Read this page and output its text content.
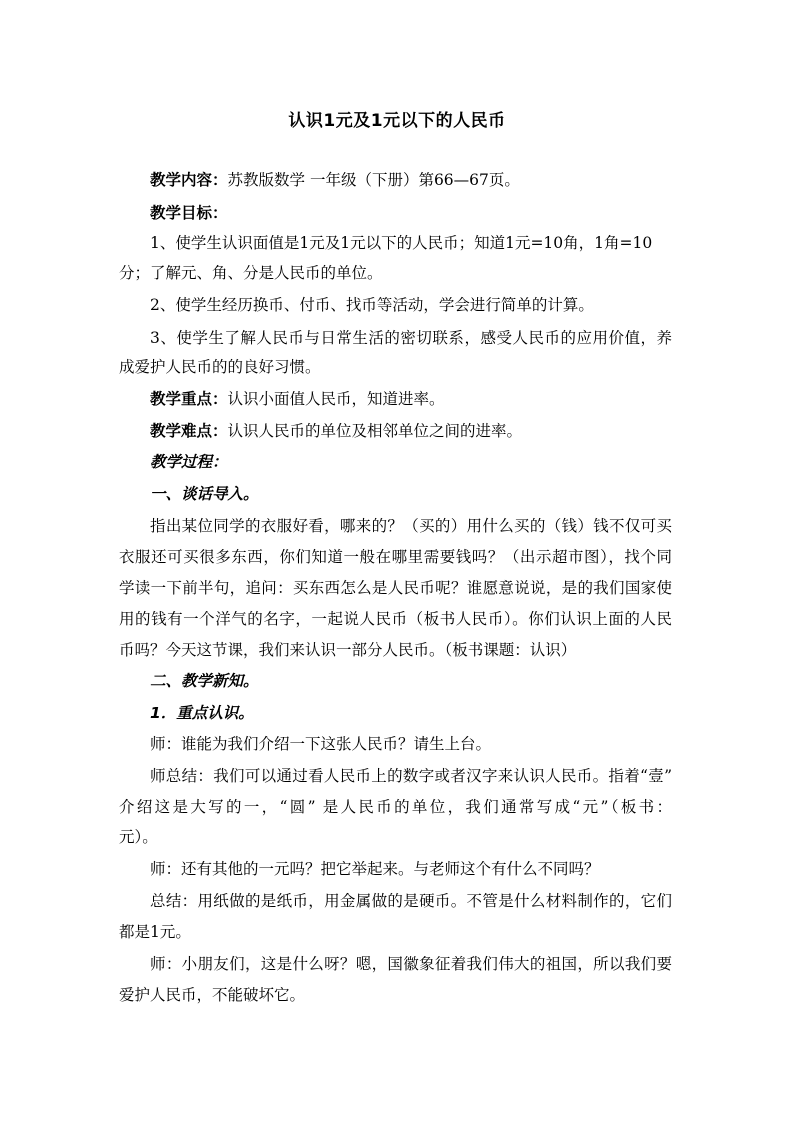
认识1元及1元以下的人民币
教学内容：苏教版数学 一年级（下册）第66—67页。
教学目标：
1、使学生认识面值是1元及1元以下的人民币；知道1元=10角，1角=10
分；了解元、角、分是人民币的单位。
2、使学生经历换币、付币、找币等活动，学会进行简单的计算。
3、使学生了解人民币与日常生活的密切联系，感受人民币的应用价值，养
成爱护人民币的的良好习惯。
教学重点：认识小面值人民币，知道进率。
教学难点：认识人民币的单位及相邻单位之间的进率。
教学过程：
一、谈话导入。
指出某位同学的衣服好看，哪来的？（买的）用什么买的（钱）钱不仅可买
衣服还可买很多东西，你们知道一般在哪里需要钱吗？（出示超市图），找个同
学读一下前半句，追问：买东西怎么是人民币呢？谁愿意说说，是的我们国家使
用的钱有一个洋气的名字，一起说人民币（板书人民币）。你们认识上面的人民
币吗？今天这节课，我们来认识一部分人民币。（板书课题：认识）
二、教学新知。
1．重点认识。
师：谁能为我们介绍一下这张人民币？请生上台。
师总结：我们可以通过看人民币上的数字或者汉字来认识人民币。指着“壹”
介绍这是大写的一，“圆” 是人民币的单位，我们通常写成“元”（板书：
元）。
师：还有其他的一元吗？把它举起来。与老师这个有什么不同吗？
总结：用纸做的是纸币，用金属做的是硬币。不管是什么材料制作的，它们
都是1元。
师：小朋友们，这是什么呀？嗯，国徽象征着我们伟大的祖国，所以我们要
爱护人民币，不能破坏它。
